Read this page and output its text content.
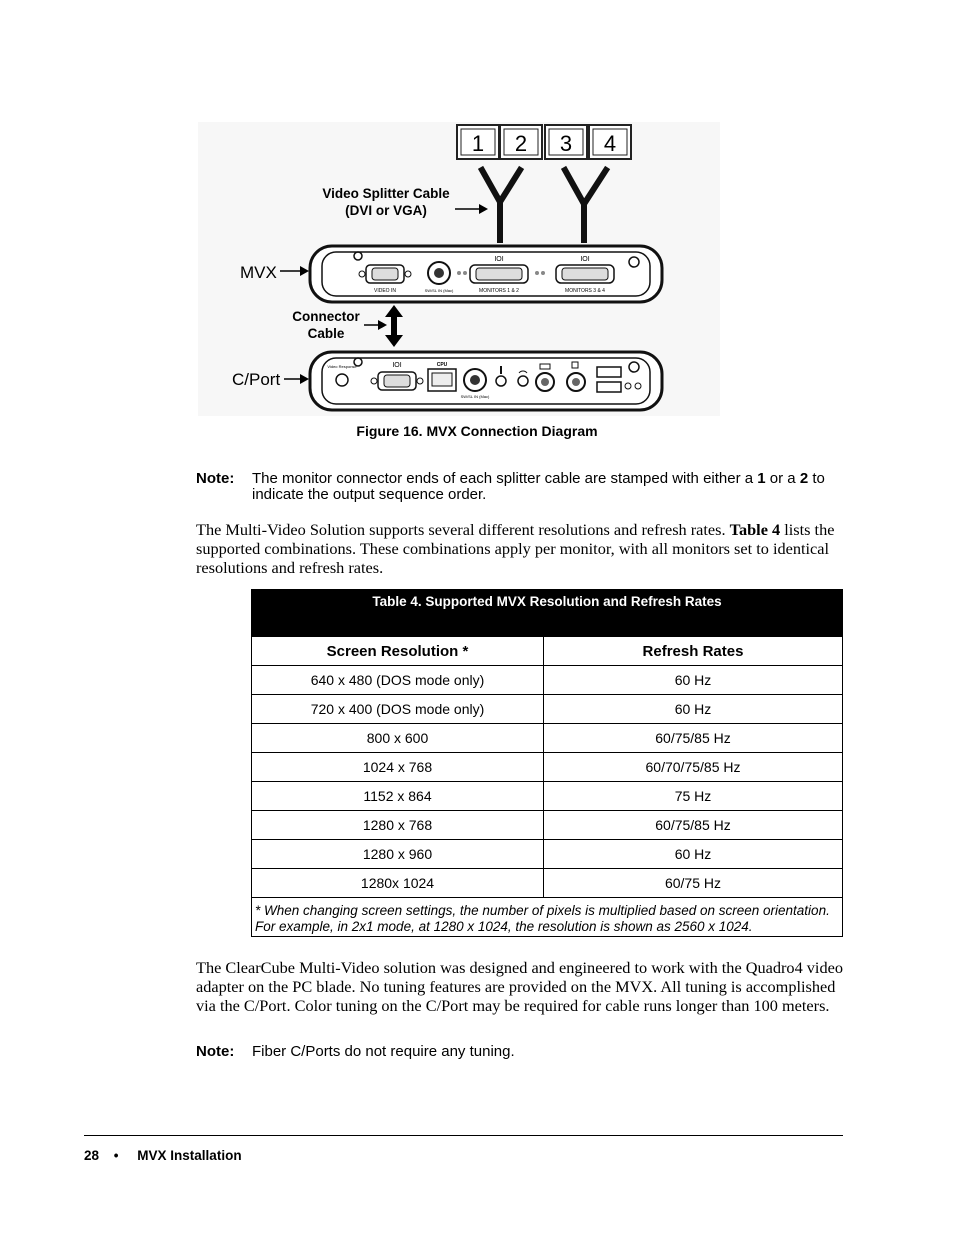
1 2 3 4
Video Splitter Cable
(DVI or VGA)
MVX
VIDEO IN	SW/SL IN (Mac)
IOI
MONITORS 1 & 2
IOI
MONITORS 3 & 4
Connector
Cable
C/Port
Video Response	IOI	CPU
SW/SL IN (Mac)
Figure 16. MVX Connection Diagram
Note: The monitor connector ends of each splitter cable are stamped with either a 1 or a 2 to indicate the output sequence order.
The Multi-Video Solution supports several different resolutions and refresh rates. Table 4 lists the supported combinations. These combinations apply per monitor, with all monitors set to identical resolutions and refresh rates.
Table 4. Supported MVX Resolution and Refresh Rates	
Screen Resolution *	Refresh Rates
640 x 480 (DOS mode only)	60 Hz
720 x 400 (DOS mode only)	60 Hz
800 x 600	60/75/85 Hz
1024 x 768	60/70/75/85 Hz
1152 x 864	75 Hz
1280 x 768	60/75/85 Hz
1280 x 960	60 Hz
1280x 1024	60/75 Hz
* When changing screen settings, the number of pixels is multiplied based on screen orientation. For example, in 2x1 mode, at 1280 x 1024, the resolution is shown as 2560 x 1024.	
The ClearCube Multi-Video solution was designed and engineered to work with the Quadro4 video adapter on the PC blade. No tuning features are provided on the MVX. All tuning is accomplished via the C/Port. Color tuning on the C/Port may be required for cable runs longer than 100 meters.
Note: Fiber C/Ports do not require any tuning.
28 • MVX Installation
